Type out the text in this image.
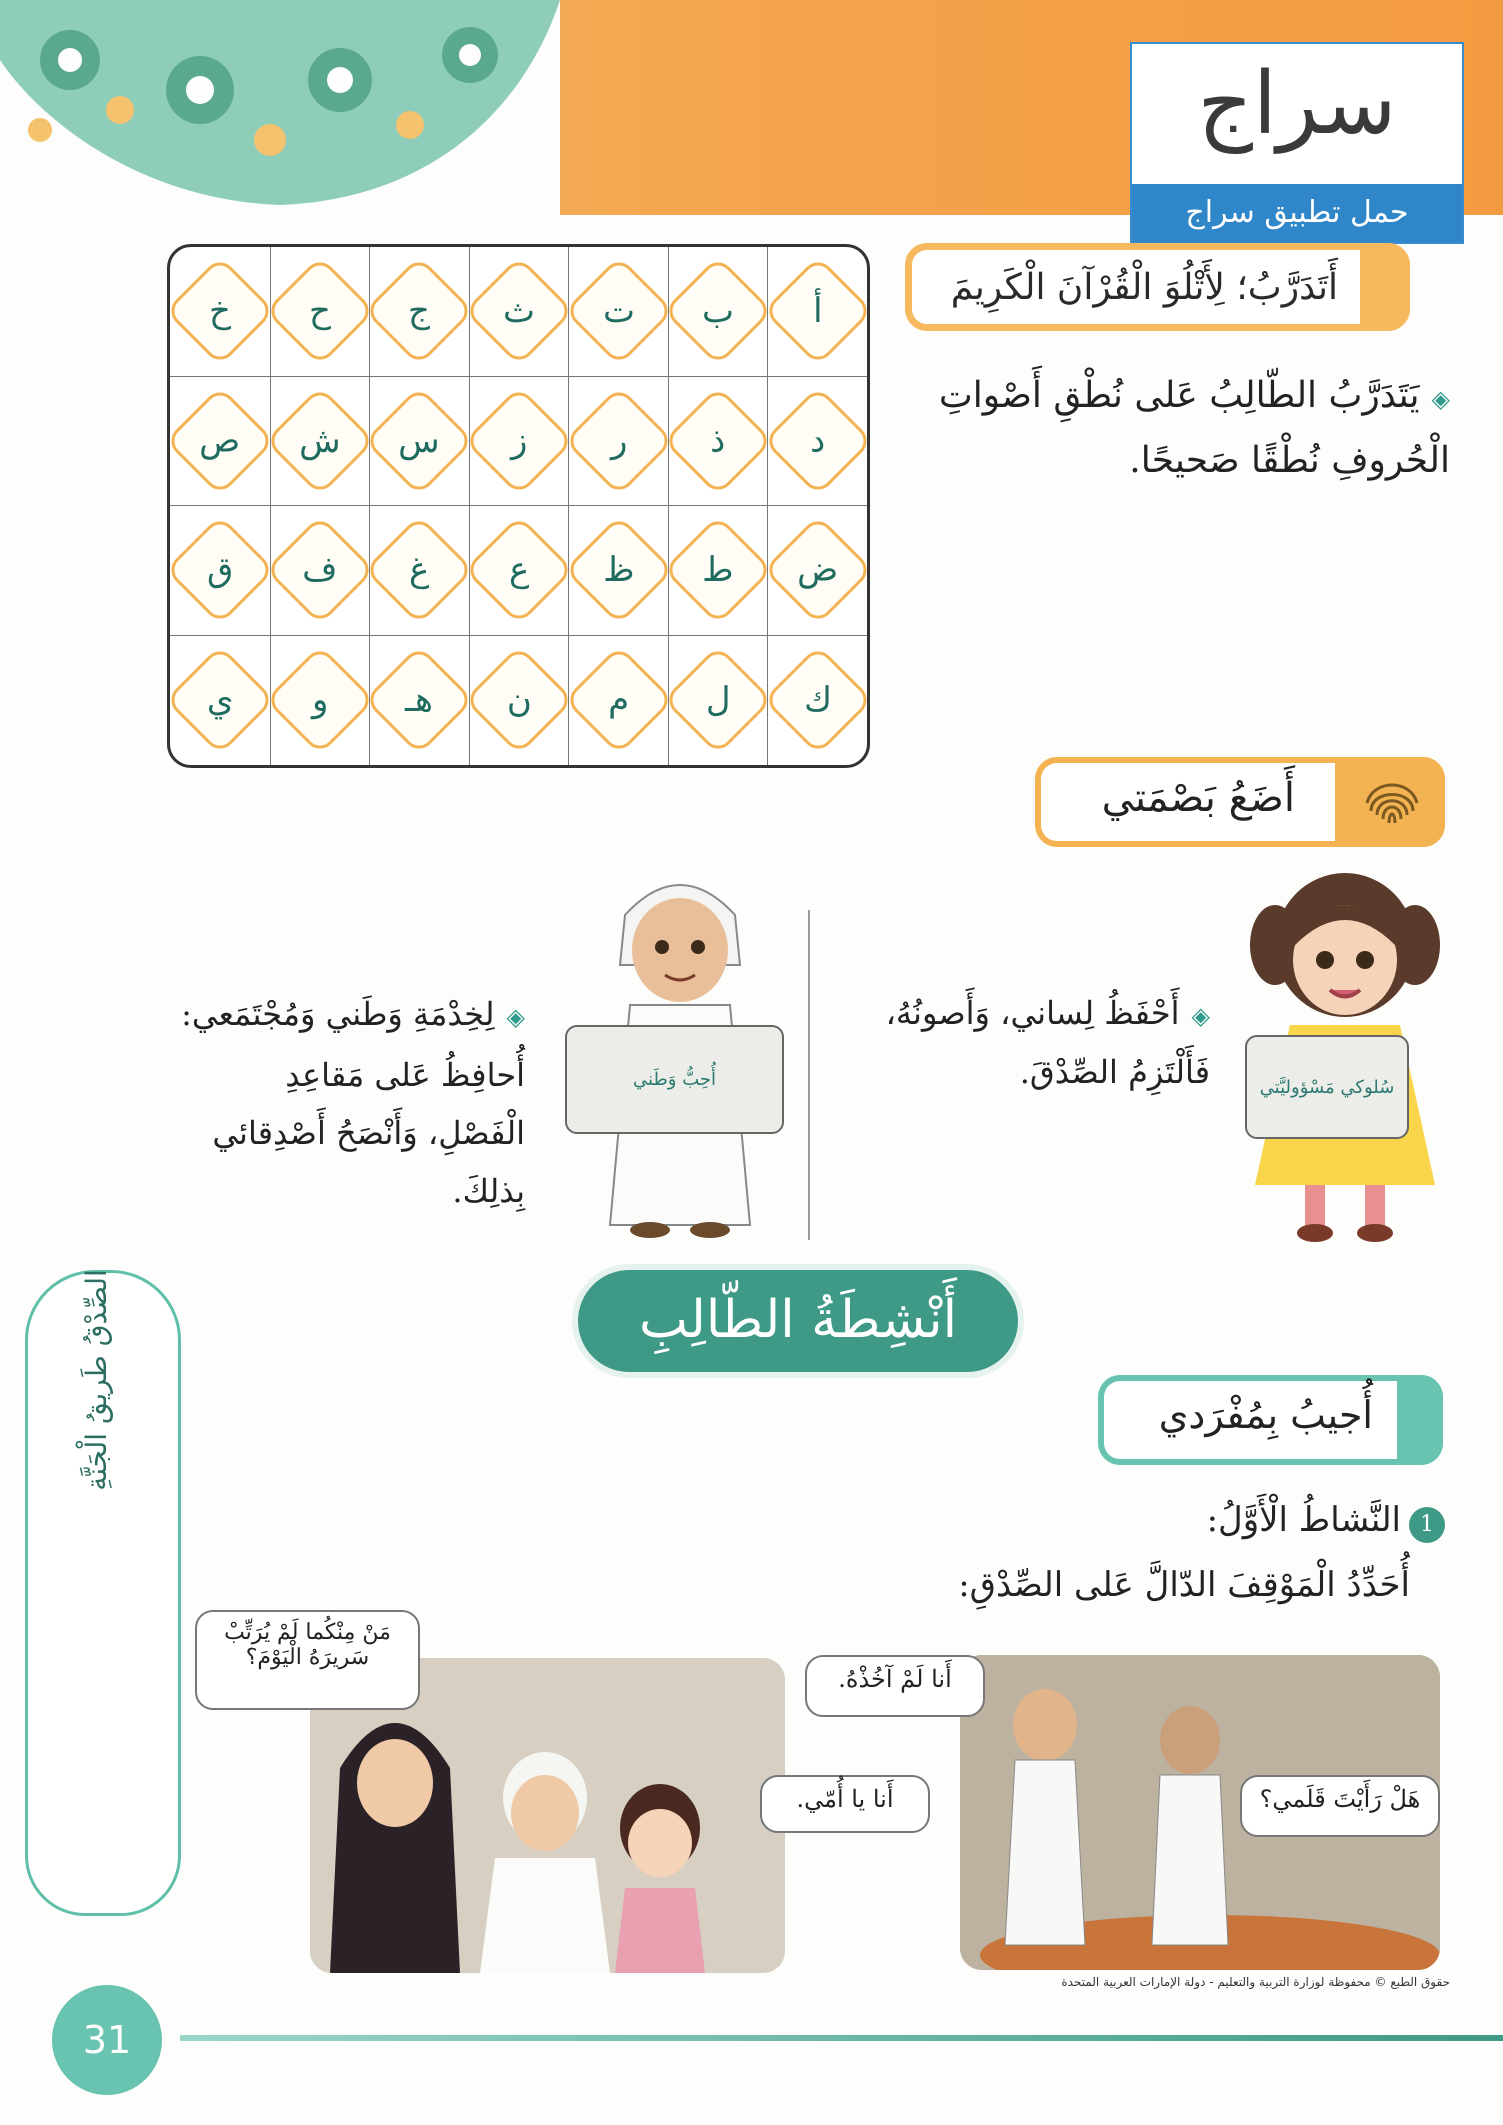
سراج
حمل تطبيق سراج
أَتَدَرَّبُ؛ لِأَتْلُوَ الْقُرْآنَ الْكَرِيمَ
◈يَتَدَرَّبُ الطّالِبُ عَلى نُطْقِ أَصْواتِ
الْحُروفِ نُطْقًا صَحيحًا.
أ
ب
ت
ث
ج
ح
خ
د
ذ
ر
ز
س
ش
ص
ض
ط
ظ
ع
غ
ف
ق
ك
ل
م
ن
هـ
و
ي
أَضَعُ بَصْمَتي
سُلوكي مَسْؤوليَّتي
◈أَحْفَظُ لِساني، وَأَصونُهُ،
فَأَلْتَزِمُ الصِّدْقَ.
أُحِبُّ وَطَني
◈لِخِدْمَةِ وَطَني وَمُجْتَمَعي:
أُحافِظُ عَلى مَقاعِدِ
الْفَصْلِ، وَأَنْصَحُ أَصْدِقائي
بِذلِكَ.
أَنْشِطَةُ الطّالِبِ
أُجيبُ بِمُفْرَدي
1النَّشاطُ الْأَوَّلُ:
أُحَدِّدُ الْمَوْقِفَ الدّالَّ عَلى الصِّدْقِ:
الصِّدْقُ طَريقُ الْجَنَّةِ
أَنا لَمْ آخُذْهُ.
هَلْ رَأَيْتَ قَلَمي؟
مَنْ مِنْكُما لَمْ يُرَتِّبْ سَريرَهُ الْيَوْمَ؟
أَنا يا أُمّي.
حقوق الطبع © محفوظة لوزارة التربية والتعليم - دولة الإمارات العربية المتحدة
31
